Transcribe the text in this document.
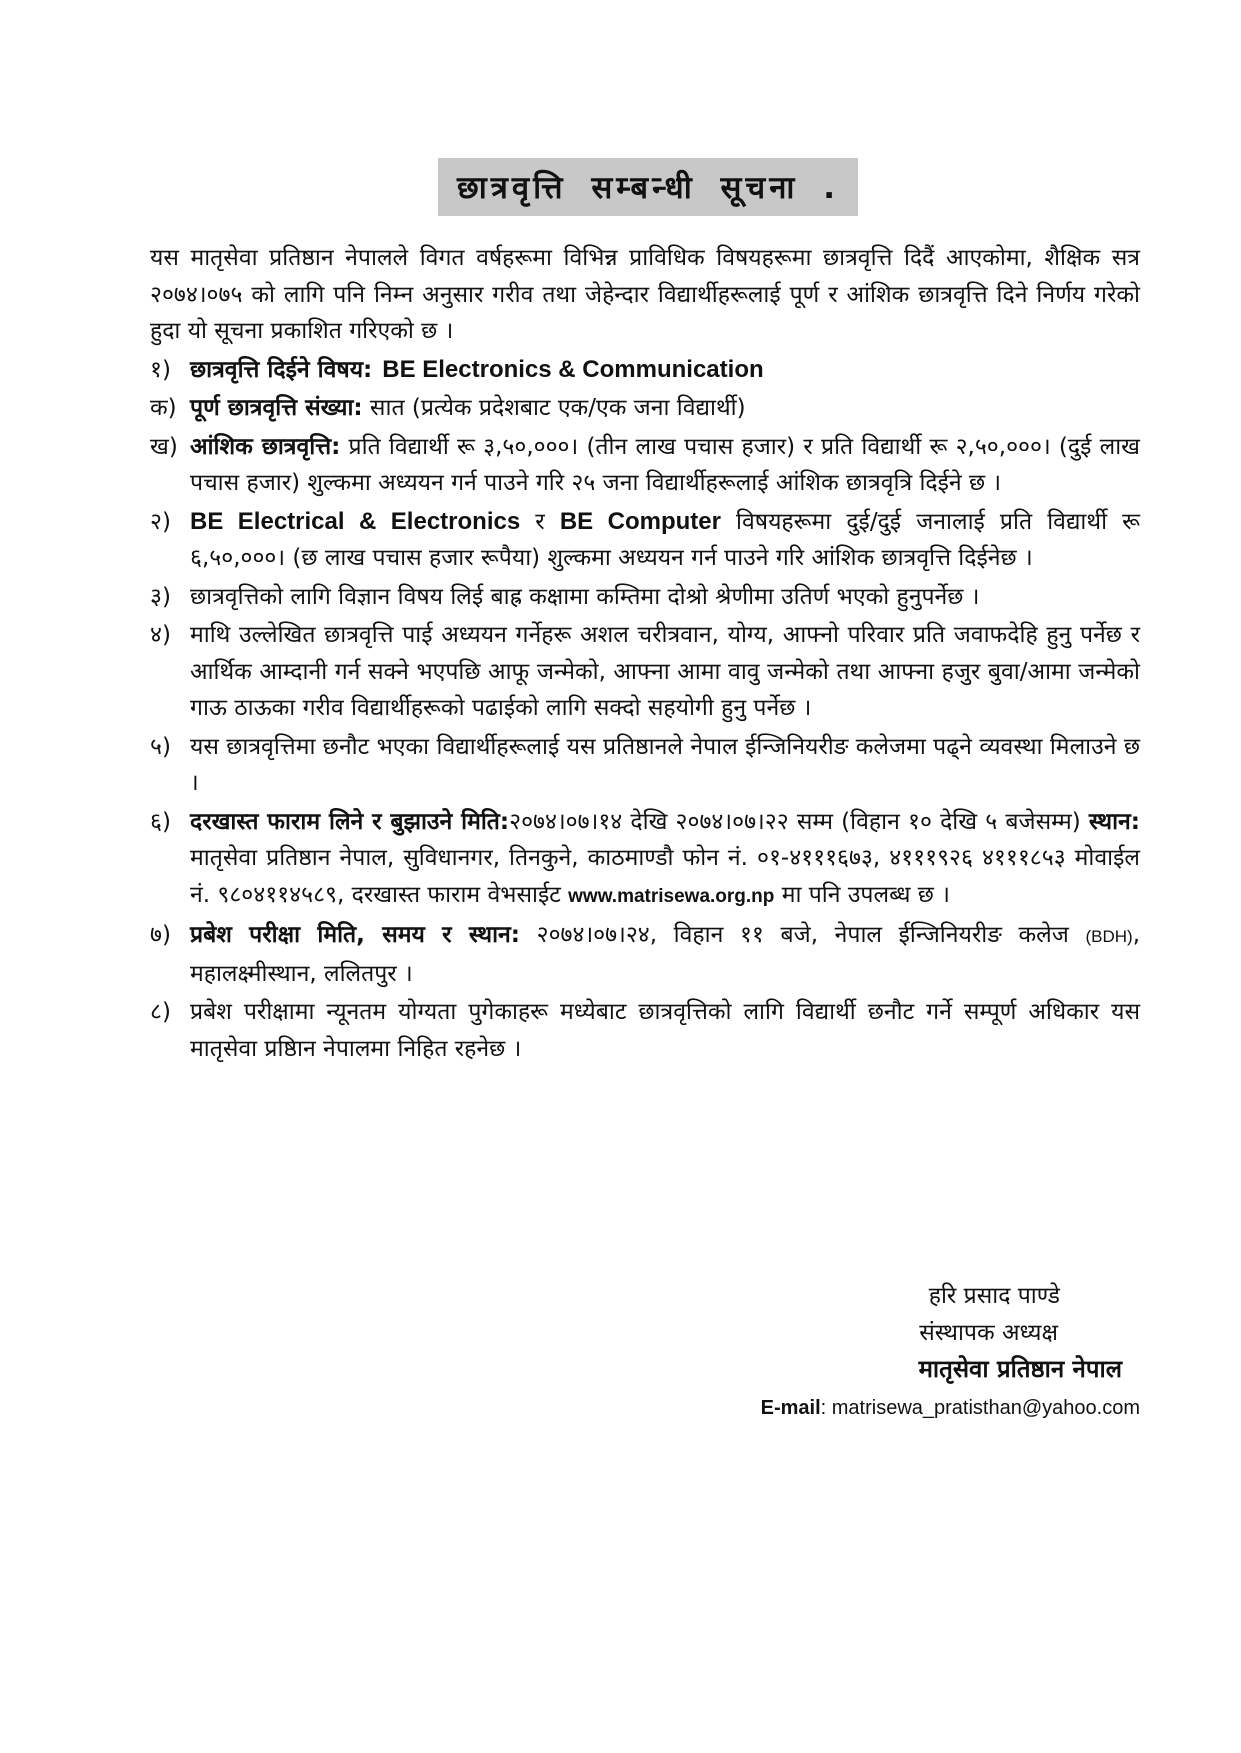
छात्रवृत्ति सम्बन्धी सूचना .

यस मातृसेवा प्रतिष्ठान नेपालले विगत वर्षहरूमा विभिन्न प्राविधिक विषयहरूमा छात्रवृत्ति दिदैं आएकोमा, शैक्षिक सत्र २०७४।०७५ को लागि पनि निम्न अनुसार गरीव तथा जेहेन्दार विद्यार्थीहरूलाई पूर्ण र आंशिक छात्रवृत्ति दिने निर्णय गरेको हुदा यो सूचना प्रकाशित गरिएको छ ।

१) छात्रवृत्ति दिईने विषय: BE Electronics & Communication
क) पूर्ण छात्रवृत्ति संख्या: सात (प्रत्येक प्रदेशबाट एक/एक जना विद्यार्थी)
ख) आंशिक छात्रवृत्ति: प्रति विद्यार्थी रू ३,५०,०००। (तीन लाख पचास हजार) र प्रति विद्यार्थी रू २,५०,०००। (दुई लाख पचास हजार) शुल्कमा अध्ययन गर्न पाउने गरि २५ जना विद्यार्थीहरूलाई आंशिक छात्रवृत्रि दिईने छ ।
२) BE Electrical & Electronics र BE Computer विषयहरूमा दुई/दुई जनालाई प्रति विद्यार्थी रू ६,५०,०००। (छ लाख पचास हजार रूपैया) शुल्कमा अध्ययन गर्न पाउने गरि आंशिक छात्रवृत्ति दिईनेछ ।
३) छात्रवृत्तिको लागि विज्ञान विषय लिई बाह्र कक्षामा कम्तिमा दोश्रो श्रेणीमा उतिर्ण भएको हुनुपर्नेछ ।
४) माथि उल्लेखित छात्रवृत्ति पाई अध्ययन गर्नेहरू अशल चरीत्रवान, योग्य, आफ्नो परिवार प्रति जवाफदेहि हुनु पर्नेछ र आर्थिक आम्दानी गर्न सक्ने भएपछि आफू जन्मेको, आफ्ना आमा वावु जन्मेको तथा आफ्ना हजुर बुवा/आमा जन्मेको गाऊ ठाऊका गरीव विद्यार्थीहरूको पढाईको लागि सक्दो सहयोगी हुनु पर्नेछ ।
५) यस छात्रवृत्तिमा छनौट भएका विद्यार्थीहरूलाई यस प्रतिष्ठानले नेपाल ईन्जिनियरीङ कलेजमा पढ्ने व्यवस्था मिलाउने छ ।
६) दरखास्त फाराम लिने र बुझाउने मिति:२०७४।०७।१४ देखि २०७४।०७।२२ सम्म (विहान १० देखि ५ बजेसम्म) स्थान: मातृसेवा प्रतिष्ठान नेपाल, सुविधानगर, तिनकुने, काठमाण्डौ फोन नं. ०१-४१११६७३, ४१११९२६ ४१११८५३ मोवाईल नं. ९८०४११४५८९, दरखास्त फाराम वेभसाईट www.matrisewa.org.np मा पनि उपलब्ध छ ।
७) प्रबेश परीक्षा मिति, समय र स्थान: २०७४।०७।२४, विहान ११ बजे, नेपाल ईन्जिनियरीङ कलेज (BDH), महालक्ष्मीस्थान, ललितपुर ।
८) प्रबेश परीक्षामा न्यूनतम योग्यता पुगेकाहरू मध्येबाट छात्रवृत्तिको लागि विद्यार्थी छनौट गर्ने सम्पूर्ण अधिकार यस मातृसेवा प्रष्ठिान नेपालमा निहित रहनेछ ।
हरि प्रसाद पाण्डे
संस्थापक अध्यक्ष
मातृसेवा प्रतिष्ठान नेपाल
E-mail: matrisewa_pratisthan@yahoo.com
